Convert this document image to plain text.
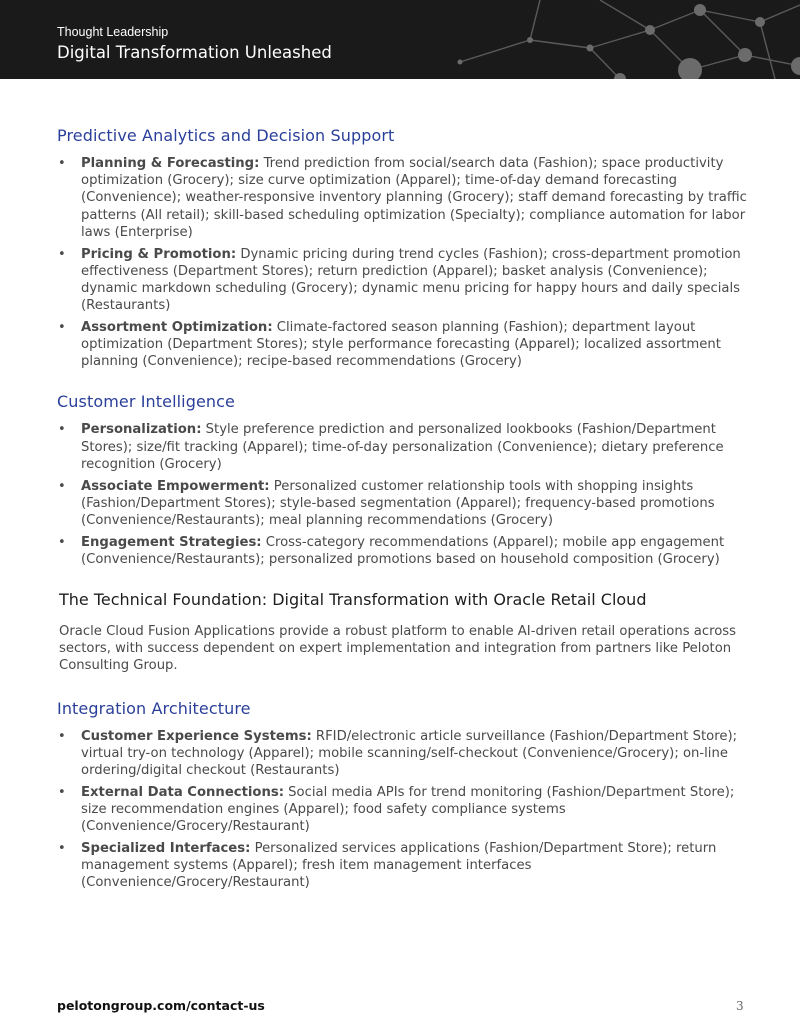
Thought Leadership
Digital Transformation Unleashed
Predictive Analytics and Decision Support
• Planning & Forecasting: Trend prediction from social/search data (Fashion); space productivity optimization (Grocery); size curve optimization (Apparel); time-of-day demand forecasting (Convenience); weather-responsive inventory planning (Grocery); staff demand forecasting by traffic patterns (All retail); skill-based scheduling optimization (Specialty); compliance automation for labor laws (Enterprise)
• Pricing & Promotion: Dynamic pricing during trend cycles (Fashion); cross-department promotion effectiveness (Department Stores); return prediction (Apparel); basket analysis (Convenience); dynamic markdown scheduling (Grocery); dynamic menu pricing for happy hours and daily specials (Restaurants)
• Assortment Optimization: Climate-factored season planning (Fashion); department layout optimization (Department Stores); style performance forecasting (Apparel); localized assortment planning (Convenience); recipe-based recommendations (Grocery)
Customer Intelligence
• Personalization: Style preference prediction and personalized lookbooks (Fashion/Department Stores); size/fit tracking (Apparel); time-of-day personalization (Convenience); dietary preference recognition (Grocery)
• Associate Empowerment: Personalized customer relationship tools with shopping insights (Fashion/Department Stores); style-based segmentation (Apparel); frequency-based promotions (Convenience/Restaurants); meal planning recommendations (Grocery)
• Engagement Strategies: Cross-category recommendations (Apparel); mobile app engagement (Convenience/Restaurants); personalized promotions based on household composition (Grocery)
The Technical Foundation: Digital Transformation with Oracle Retail Cloud

Oracle Cloud Fusion Applications provide a robust platform to enable AI-driven retail operations across sectors, with success dependent on expert implementation and integration from partners like Peloton Consulting Group.

Integration Architecture
• Customer Experience Systems: RFID/electronic article surveillance (Fashion/Department Store); virtual try-on technology (Apparel); mobile scanning/self-checkout (Convenience/Grocery); on-line ordering/digital checkout (Restaurants)
• External Data Connections: Social media APIs for trend monitoring (Fashion/Department Store); size recommendation engines (Apparel); food safety compliance systems (Convenience/Grocery/Restaurant)
• Specialized Interfaces: Personalized services applications (Fashion/Department Store); return management systems (Apparel); fresh item management interfaces (Convenience/Grocery/Restaurant)
pelotongroup.com/contact-us	3
